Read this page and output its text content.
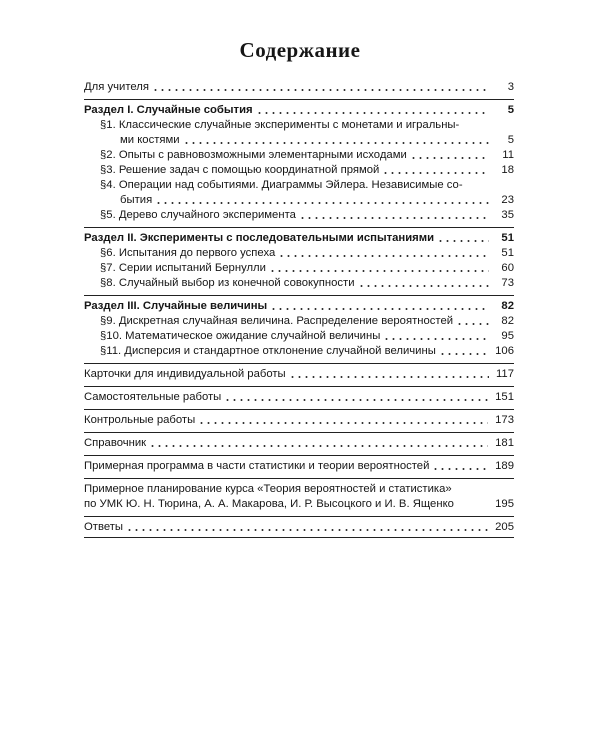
Содержание
Для учителя	3
Раздел I. Случайные события	5
§1. Классические случайные эксперименты с монетами и игральны-
ми костями	5
§2. Опыты с равновозможными элементарными исходами	11
§3. Решение задач с помощью координатной прямой	18
§4. Операции над событиями. Диаграммы Эйлера. Независимые со-
бытия	23
§5. Дерево случайного эксперимента	35
Раздел II. Эксперименты с последовательными испытаниями	51
§6. Испытания до первого успеха	51
§7. Серии испытаний Бернулли	60
§8. Случайный выбор из конечной совокупности	73
Раздел III. Случайные величины	82
§9. Дискретная случайная величина. Распределение вероятностей	82
§10. Математическое ожидание случайной величины	95
§11. Дисперсия и стандартное отклонение случайной величины	106
Карточки для индивидуальной работы	117
Самостоятельные работы	151
Контрольные работы	173
Справочник	181
Примерная программа в части статистики и теории вероятностей	189
Примерное планирование курса «Теория вероятностей и статистика»
по УМК Ю. Н. Тюрина, А. А. Макарова, И. Р. Высоцкого и И. В. Ященко	195
Ответы	205
